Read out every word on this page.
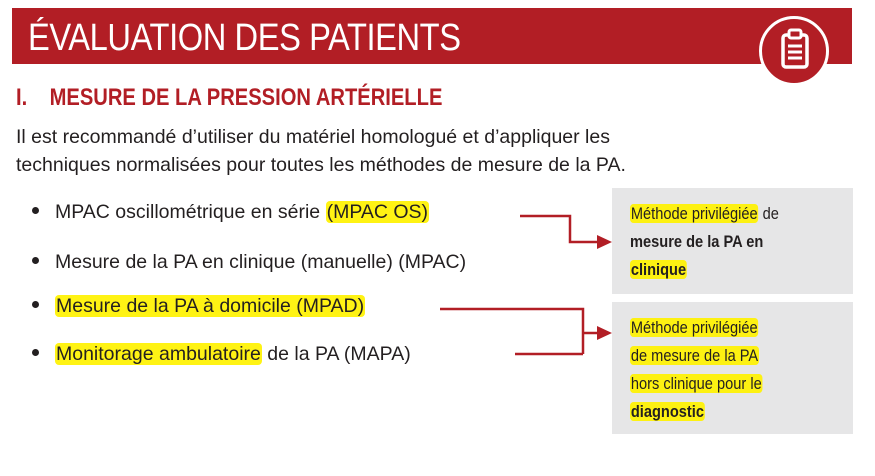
ÉVALUATION DES PATIENTS
I. MESURE DE LA PRESSION ARTÉRIELLE
Il est recommandé d’utiliser du matériel homologué et d’appliquer les
techniques normalisées pour toutes les méthodes de mesure de la PA.
MPAC oscillométrique en série (MPAC OS)
Mesure de la PA en clinique (manuelle) (MPAC)
Mesure de la PA à domicile (MPAD)
Monitorage ambulatoire de la PA (MAPA)
Méthode privilégiée de
mesure de la PA en
clinique
Méthode privilégiée
de mesure de la PA
hors clinique pour le
diagnostic
